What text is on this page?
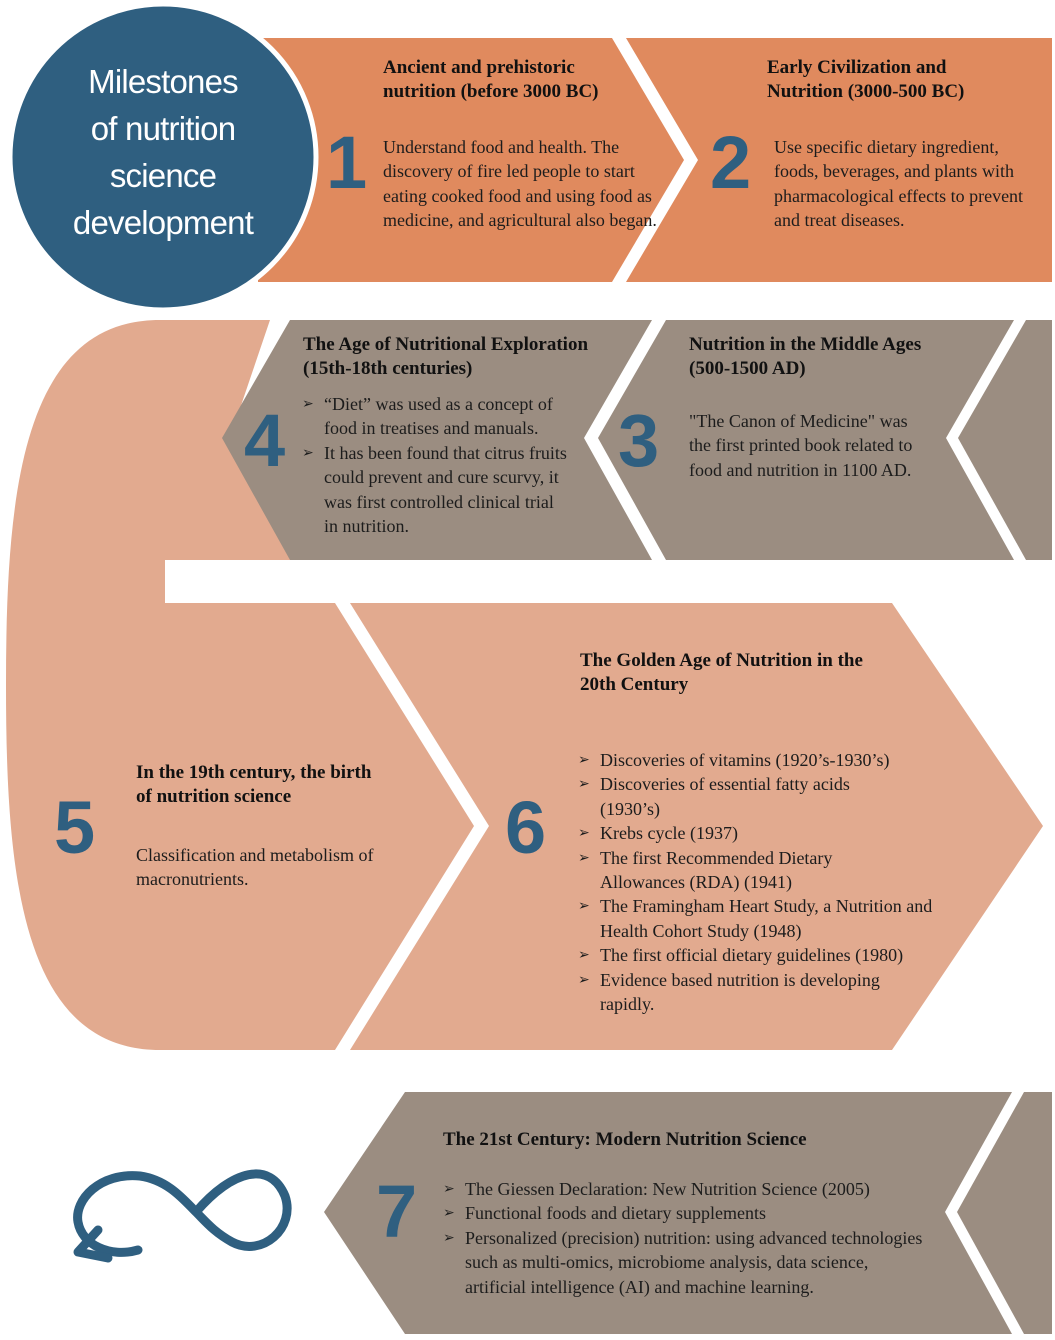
Milestones
of nutrition
science
development
1
Ancient and prehistoric nutrition (before 3000 BC)
Understand food and health. The discovery of fire led people to start eating cooked food and using food as medicine, and agricultural also began.
2
Early Civilization and Nutrition (3000-500 BC)
Use specific dietary ingredient, foods, beverages, and plants with pharmacological effects to prevent and treat diseases.
3
Nutrition in the Middle Ages (500-1500 AD)
"The Canon of Medicine" was the first printed book related to food and nutrition in 1100 AD.
4
The Age of Nutritional Exploration (15th-18th centuries)
➢ “Diet” was used as a concept of food in treatises and manuals.
➢ It has been found that citrus fruits could prevent and cure scurvy, it was first controlled clinical trial in nutrition.
5
In the 19th century, the birth of nutrition science
Classification and metabolism of macronutrients.
6
The Golden Age of Nutrition in the 20th Century
➢ Discoveries of vitamins (1920’s-1930’s)
➢ Discoveries of essential fatty acids (1930’s)
➢ Krebs cycle (1937)
➢ The first Recommended Dietary Allowances (RDA) (1941)
➢ The Framingham Heart Study, a Nutrition and Health Cohort Study (1948)
➢ The first official dietary guidelines (1980)
➢ Evidence based nutrition is developing rapidly.
7
The 21st Century: Modern Nutrition Science
➢ The Giessen Declaration: New Nutrition Science (2005)
➢ Functional foods and dietary supplements
➢ Personalized (precision) nutrition: using advanced technologies such as multi-omics, microbiome analysis, data science, artificial intelligence (AI) and machine learning.
